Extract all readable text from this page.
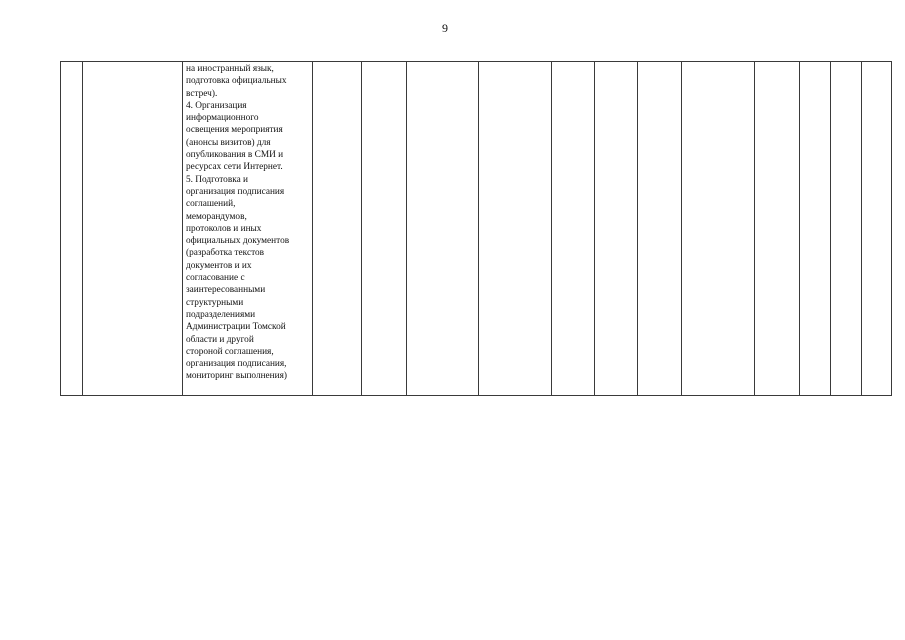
9

на иностранный язык,
подготовка официальных
встреч).
4. Организация
информационного
освещения мероприятия
(анонсы визитов) для
опубликования в СМИ и
ресурсах сети Интернет.
5. Подготовка и
организация подписания
соглашений,
меморандумов,
протоколов и иных
официальных документов
(разработка текстов
документов и их
согласование с
заинтересованными
структурными
подразделениями
Администрации Томской
области и другой
стороной соглашения,
организация подписания,
мониторинг выполнения)
